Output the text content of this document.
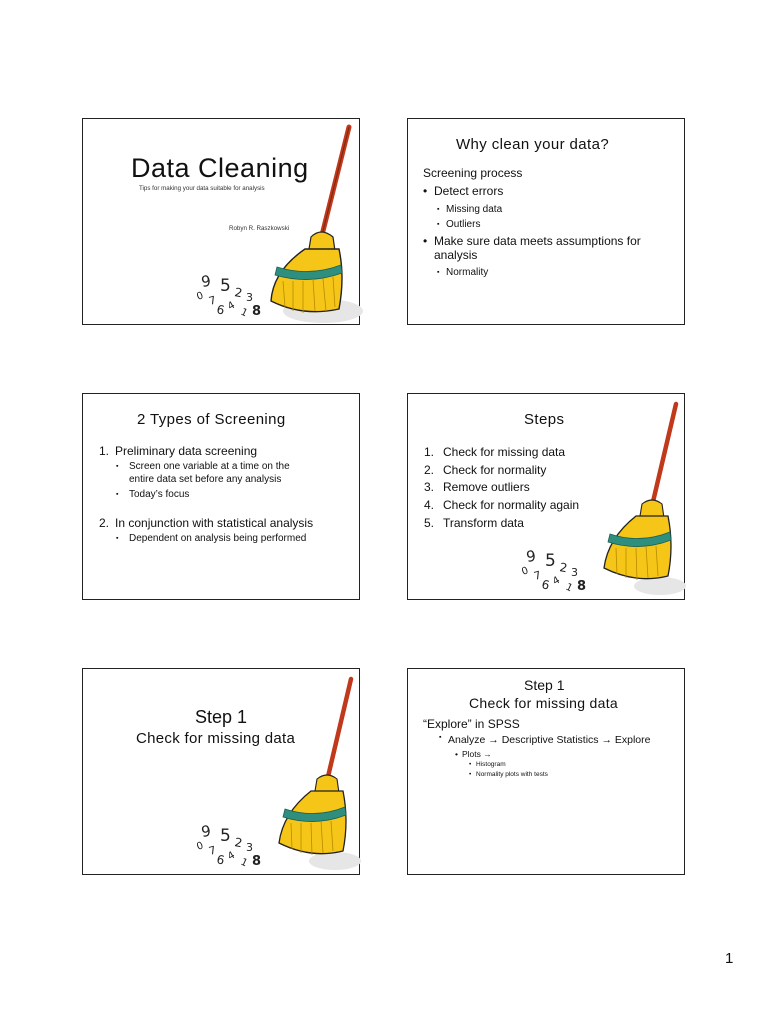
Data Cleaning
Tips for making your data suitable for analysis
Robyn R. Raszkowski
9 5 2 3
0 7
6 4
1 8
Why clean your data?
Screening process
• Detect errors
▪ Missing data
▪ Outliers
• Make sure data meets assumptions for
analysis
▪ Normality
2 Types of Screening
1. Preliminary data screening
▪	Screen one variable at a time on the
entire data set before any analysis
▪	Today’s focus
2. In conjunction with statistical analysis
▪	Dependent on analysis being performed
Steps
1. Check for missing data
2. Check for normality
3. Remove outliers
4. Check for normality again
5. Transform data
9 5 2 3
0 7
6 4
1 8
Step 1
Check for missing data
9 5 2 3
0 7
6 4
1 8
Step 1
Check for missing data
“Explore” in SPSS
▪ Analyze → Descriptive Statistics → Explore
• Plots →
• Histogram
• Normality plots with tests
1
